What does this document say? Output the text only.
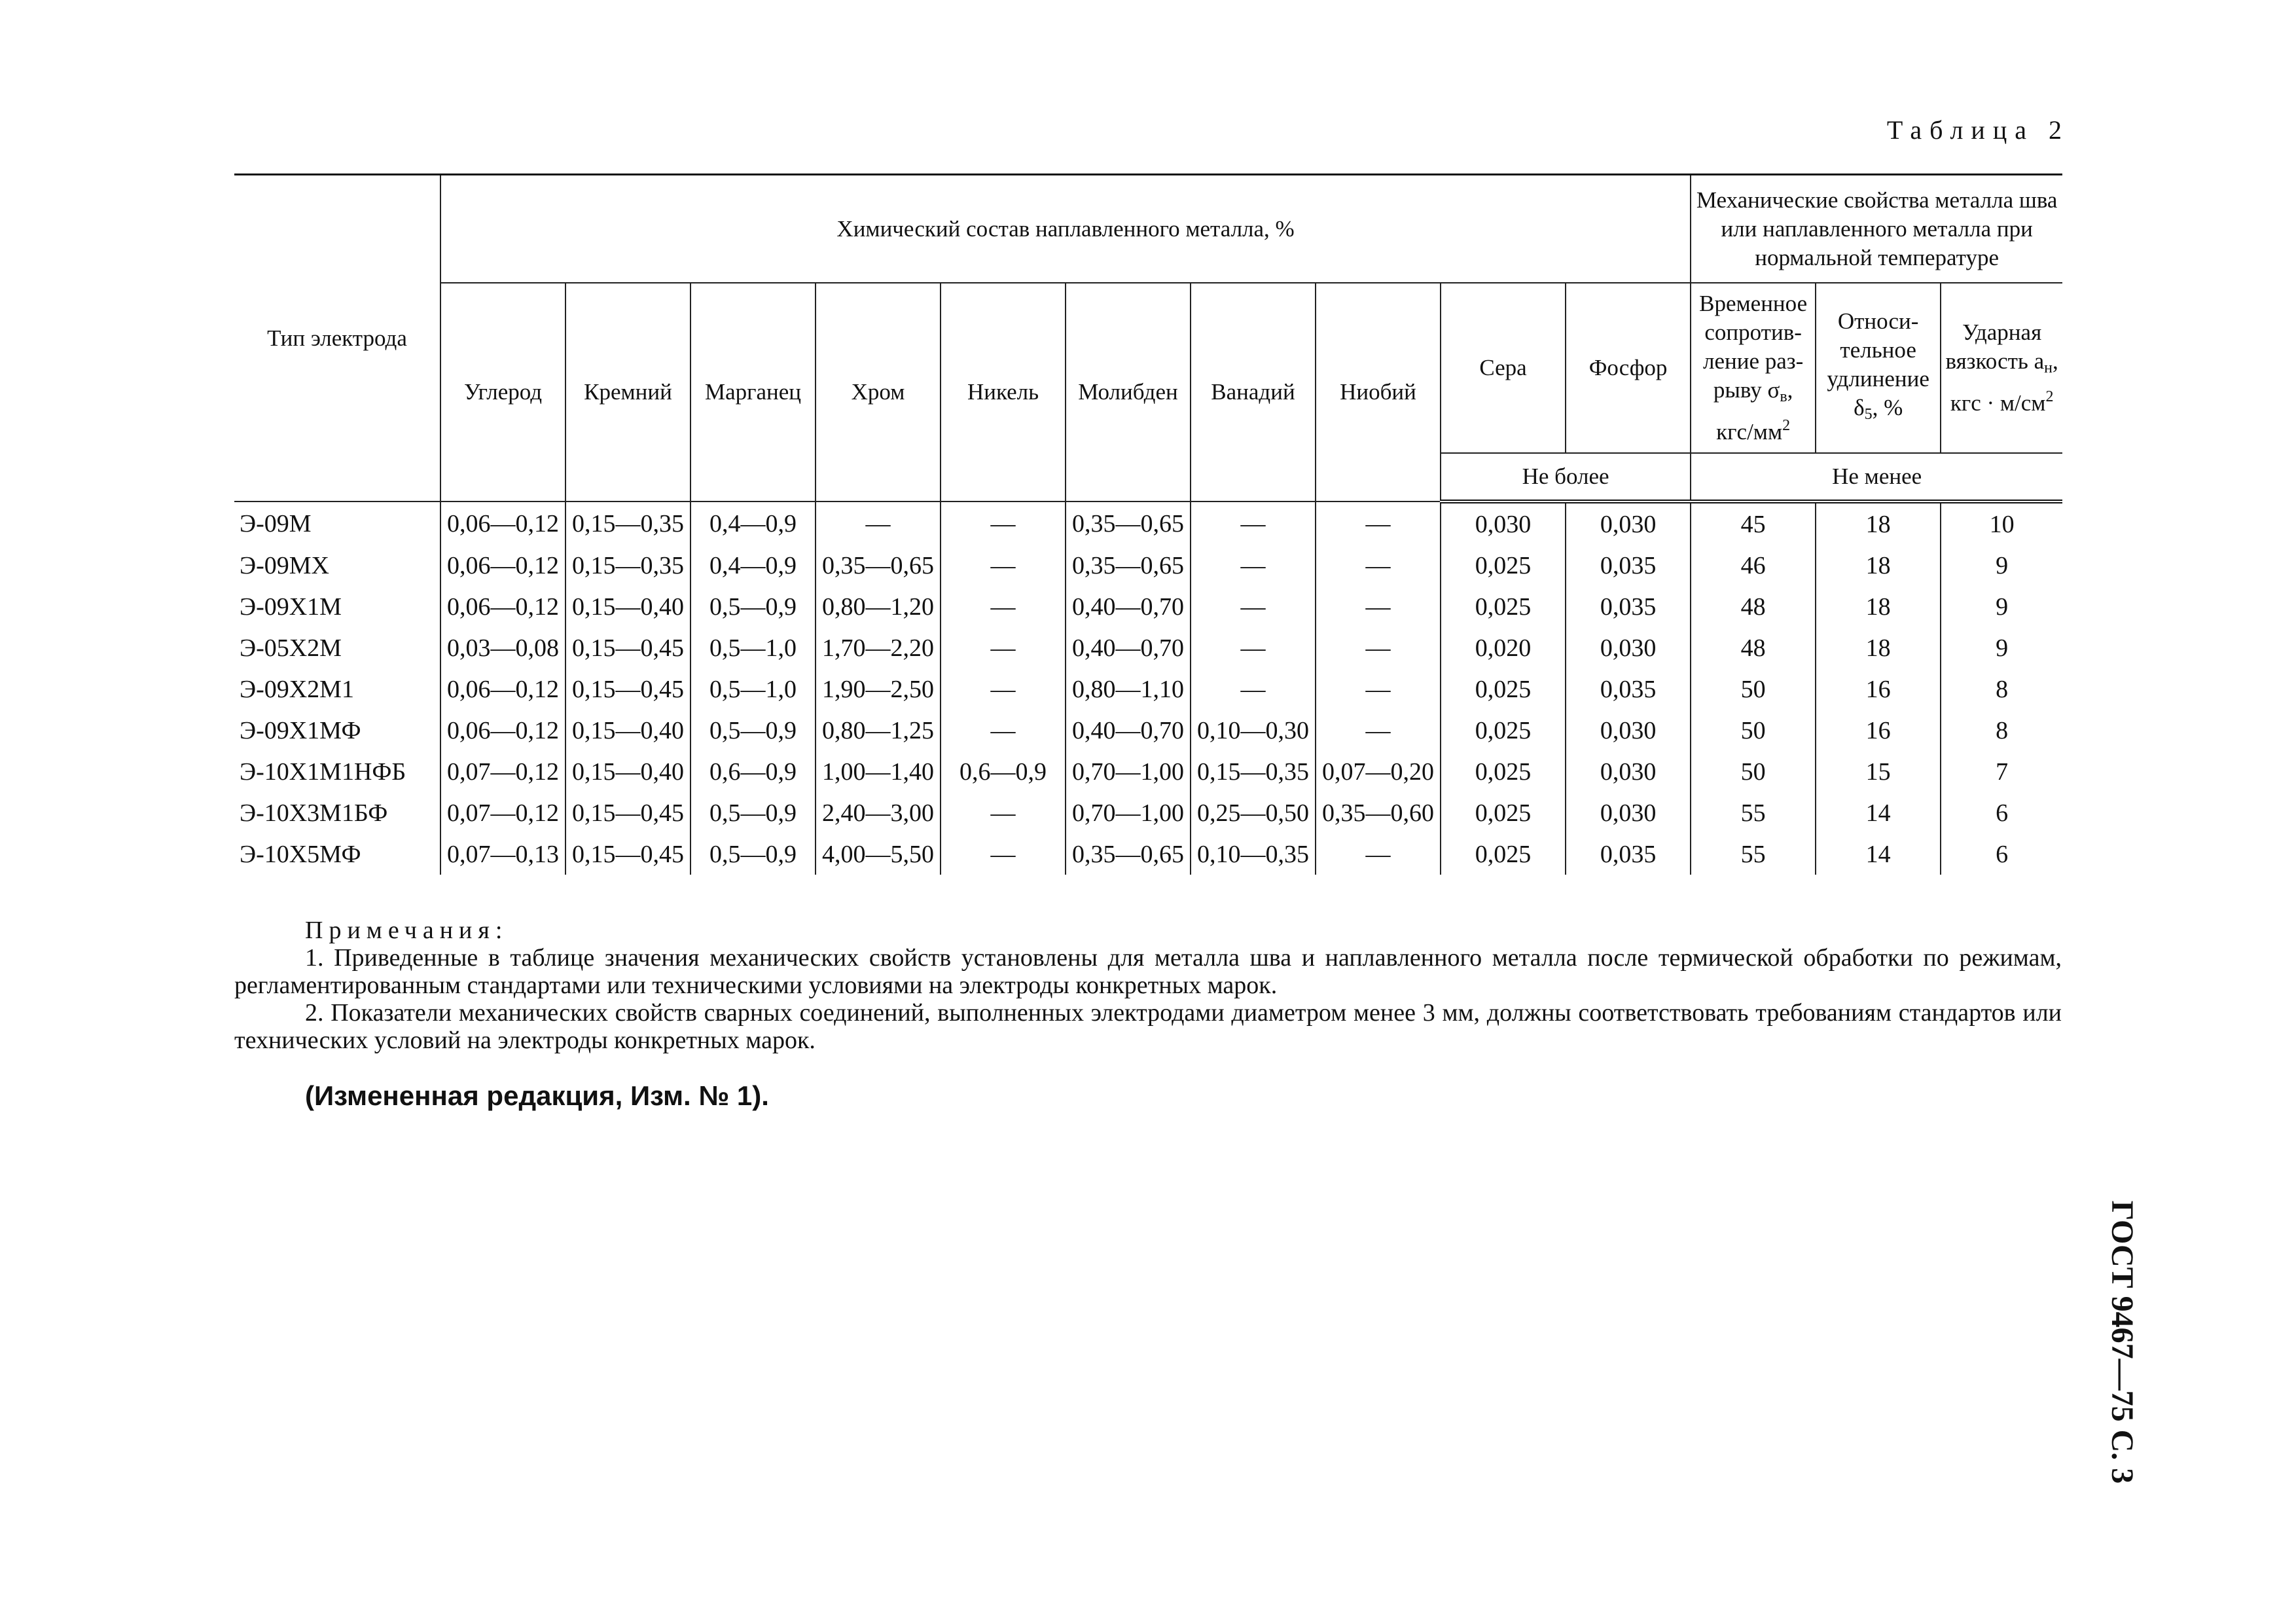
Таблица 2
Тип электрода	Химический состав наплавленного металла, %										Механические свойства металла шва или наплавленного металла при нормальной температуре		
	Углерод	Кремний	Марганец	Хром	Никель	Молибден	Ванадий	Ниобий	Сера	Фосфор	Временное сопротив-ление раз-рыву $\sigma_в$, кгс/$мм^2$	Относи-тельное удлинение $\delta_5$, %	Ударная вязкость $a_н$, кгс · $м/см^2$
									Не более		Не менее		
Э-09М	0,06—0,12	0,15—0,35	0,4—0,9	—	—	0,35—0,65	—	—	0,030	0,030	45	18	10
Э-09МХ	0,06—0,12	0,15—0,35	0,4—0,9	0,35—0,65	—	0,35—0,65	—	—	0,025	0,035	46	18	9
Э-09Х1М	0,06—0,12	0,15—0,40	0,5—0,9	0,80—1,20	—	0,40—0,70	—	—	0,025	0,035	48	18	9
Э-05Х2М	0,03—0,08	0,15—0,45	0,5—1,0	1,70—2,20	—	0,40—0,70	—	—	0,020	0,030	48	18	9
Э-09Х2М1	0,06—0,12	0,15—0,45	0,5—1,0	1,90—2,50	—	0,80—1,10	—	—	0,025	0,035	50	16	8
Э-09Х1МФ	0,06—0,12	0,15—0,40	0,5—0,9	0,80—1,25	—	0,40—0,70	0,10—0,30	—	0,025	0,030	50	16	8
Э-10Х1М1НФБ	0,07—0,12	0,15—0,40	0,6—0,9	1,00—1,40	0,6—0,9	0,70—1,00	0,15—0,35	0,07—0,20	0,025	0,030	50	15	7
Э-10Х3М1БФ	0,07—0,12	0,15—0,45	0,5—0,9	2,40—3,00	—	0,70—1,00	0,25—0,50	0,35—0,60	0,025	0,030	55	14	6
Э-10Х5МФ	0,07—0,13	0,15—0,45	0,5—0,9	4,00—5,50	—	0,35—0,65	0,10—0,35	—	0,025	0,035	55	14	6
Примечания:

1. Приведенные в таблице значения механических свойств установлены для металла шва и наплавленного металла после термической обработки по режимам, регламентированным стандартами или техническими условиями на электроды конкретных марок.

2. Показатели механических свойств сварных соединений, выполненных электродами диаметром менее 3 мм, должны соответствовать требованиям стандартов или технических условий на электроды конкретных марок.

(Измененная редакция, Изм. № 1).
ГОСТ 9467—75 С. 3
